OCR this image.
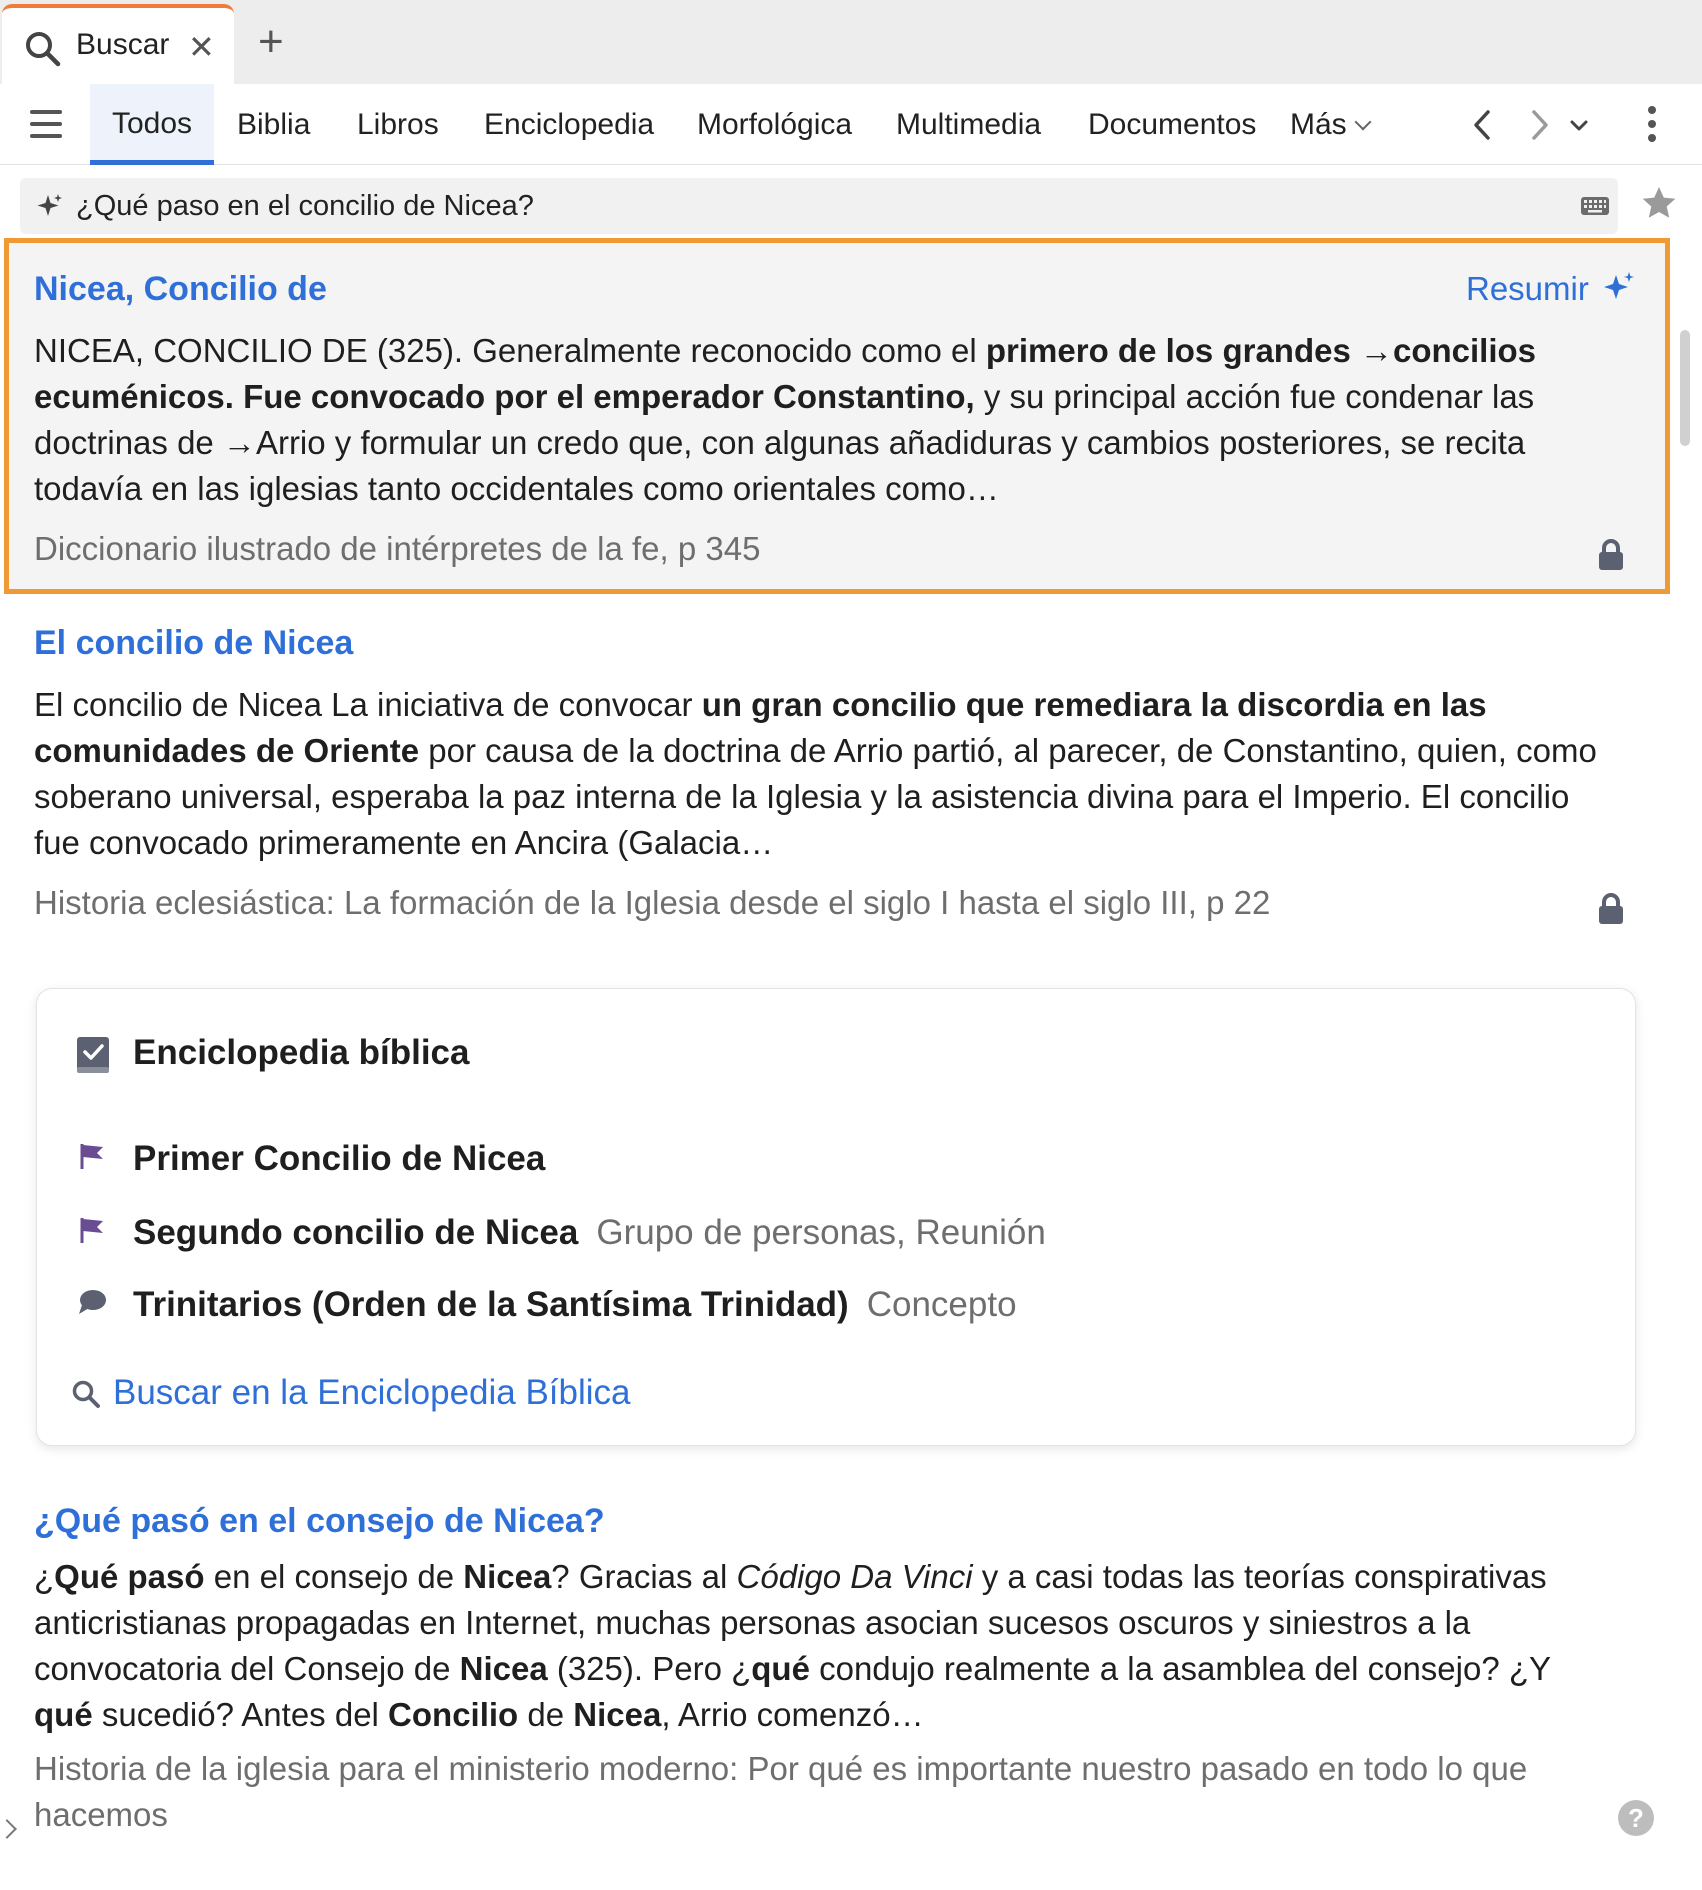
Buscar ✕ +
Todos	Biblia Libros Enciclopedia Morfológica Multimedia Documentos Más
¿Qué paso en el concilio de Nicea?
Nicea, Concilio de

NICEA, CONCILIO DE (325). Generalmente reconocido como el primero de los grandes →concilios ecuménicos. Fue convocado por el emperador Constantino, y su principal acción fue condenar las doctrinas de →Arrio y formular un credo que, con algunas añadiduras y cambios posteriores, se recita todavía en las iglesias tanto occidentales como orientales como…

Diccionario ilustrado de intérpretes de la fe, p 345
Resumir
El concilio de Nicea

El concilio de Nicea La iniciativa de convocar un gran concilio que remediara la discordia en las comunidades de Oriente por causa de la doctrina de Arrio partió, al parecer, de Constantino, quien, como soberano universal, esperaba la paz interna de la Iglesia y la asistencia divina para el Imperio. El concilio fue convocado primeramente en Ancira (Galacia…

Historia eclesiástica: La formación de la Iglesia desde el siglo I hasta el siglo III, p 22
Enciclopedia bíblica
Primer Concilio de Nicea
Segundo concilio de Nicea Grupo de personas, Reunión
Trinitarios (Orden de la Santísima Trinidad) Concepto
Buscar en la Enciclopedia Bíblica
¿Qué pasó en el consejo de Nicea?

¿Qué pasó en el consejo de Nicea? Gracias al Código Da Vinci y a casi todas las teorías conspirativas anticristianas propagadas en Internet, muchas personas asocian sucesos oscuros y siniestros a la convocatoria del Consejo de Nicea (325). Pero ¿qué condujo realmente a la asamblea del consejo? ¿Y qué sucedió? Antes del Concilio de Nicea, Arrio comenzó…

Historia de la iglesia para el ministerio moderno: Por qué es importante nuestro pasado en todo lo que hacemos	?
